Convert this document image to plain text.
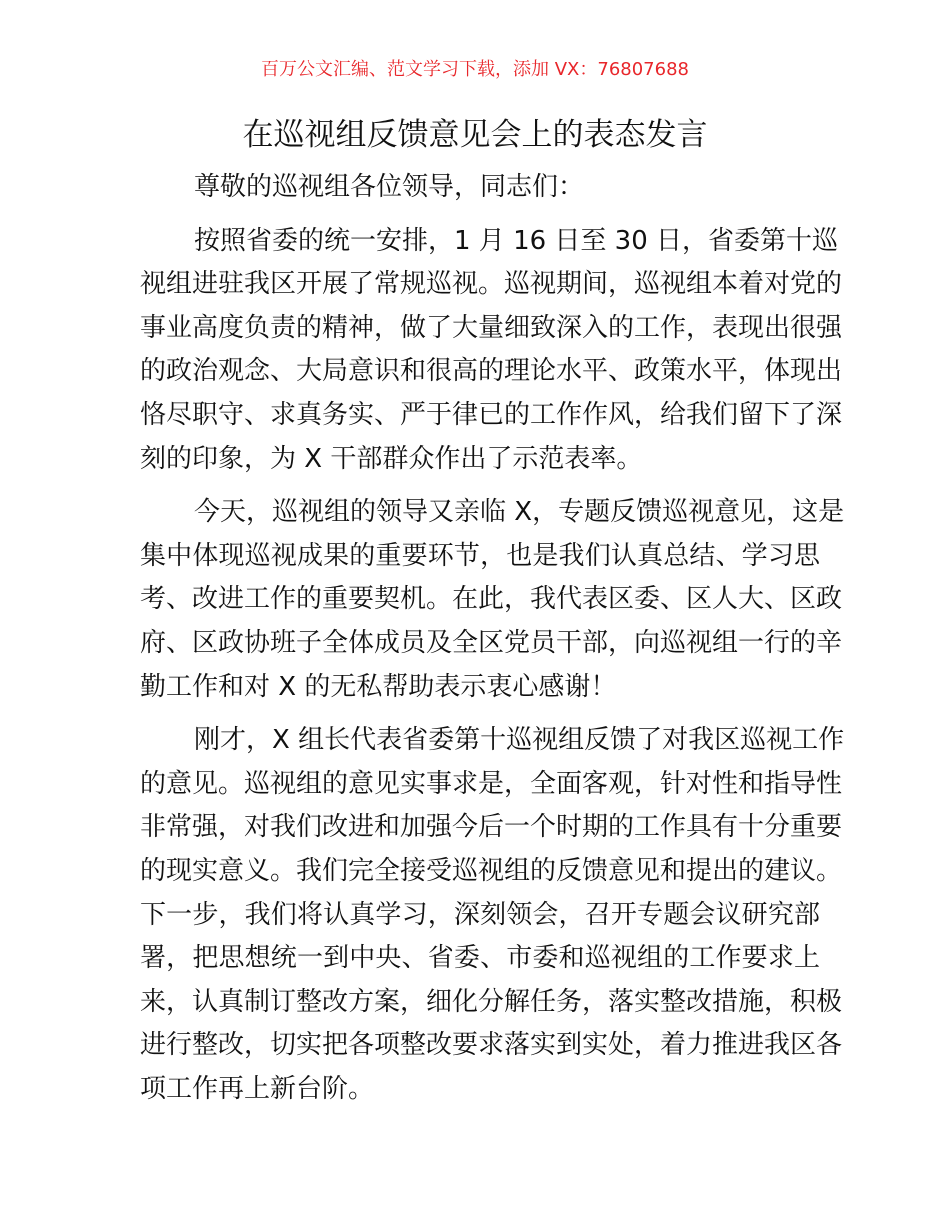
百万公文汇编、范文学习下载，添加 VX：76807688
在巡视组反馈意见会上的表态发言
尊敬的巡视组各位领导，同志们：
按照省委的统一安排，1 月 16 日至 30 日，省委第十巡
视组进驻我区开展了常规巡视。巡视期间，巡视组本着对党的
事业高度负责的精神，做了大量细致深入的工作，表现出很强
的政治观念、大局意识和很高的理论水平、政策水平，体现出
恪尽职守、求真务实、严于律已的工作作风，给我们留下了深
刻的印象，为 X 干部群众作出了示范表率。
今天，巡视组的领导又亲临 X，专题反馈巡视意见，这是
集中体现巡视成果的重要环节，也是我们认真总结、学习思
考、改进工作的重要契机。在此，我代表区委、区人大、区政
府、区政协班子全体成员及全区党员干部，向巡视组一行的辛
勤工作和对 X 的无私帮助表示衷心感谢！
刚才，X 组长代表省委第十巡视组反馈了对我区巡视工作
的意见。巡视组的意见实事求是，全面客观，针对性和指导性
非常强，对我们改进和加强今后一个时期的工作具有十分重要
的现实意义。我们完全接受巡视组的反馈意见和提出的建议。
下一步，我们将认真学习，深刻领会，召开专题会议研究部
署，把思想统一到中央、省委、市委和巡视组的工作要求上
来，认真制订整改方案，细化分解任务，落实整改措施，积极
进行整改，切实把各项整改要求落实到实处，着力推进我区各
项工作再上新台阶。
